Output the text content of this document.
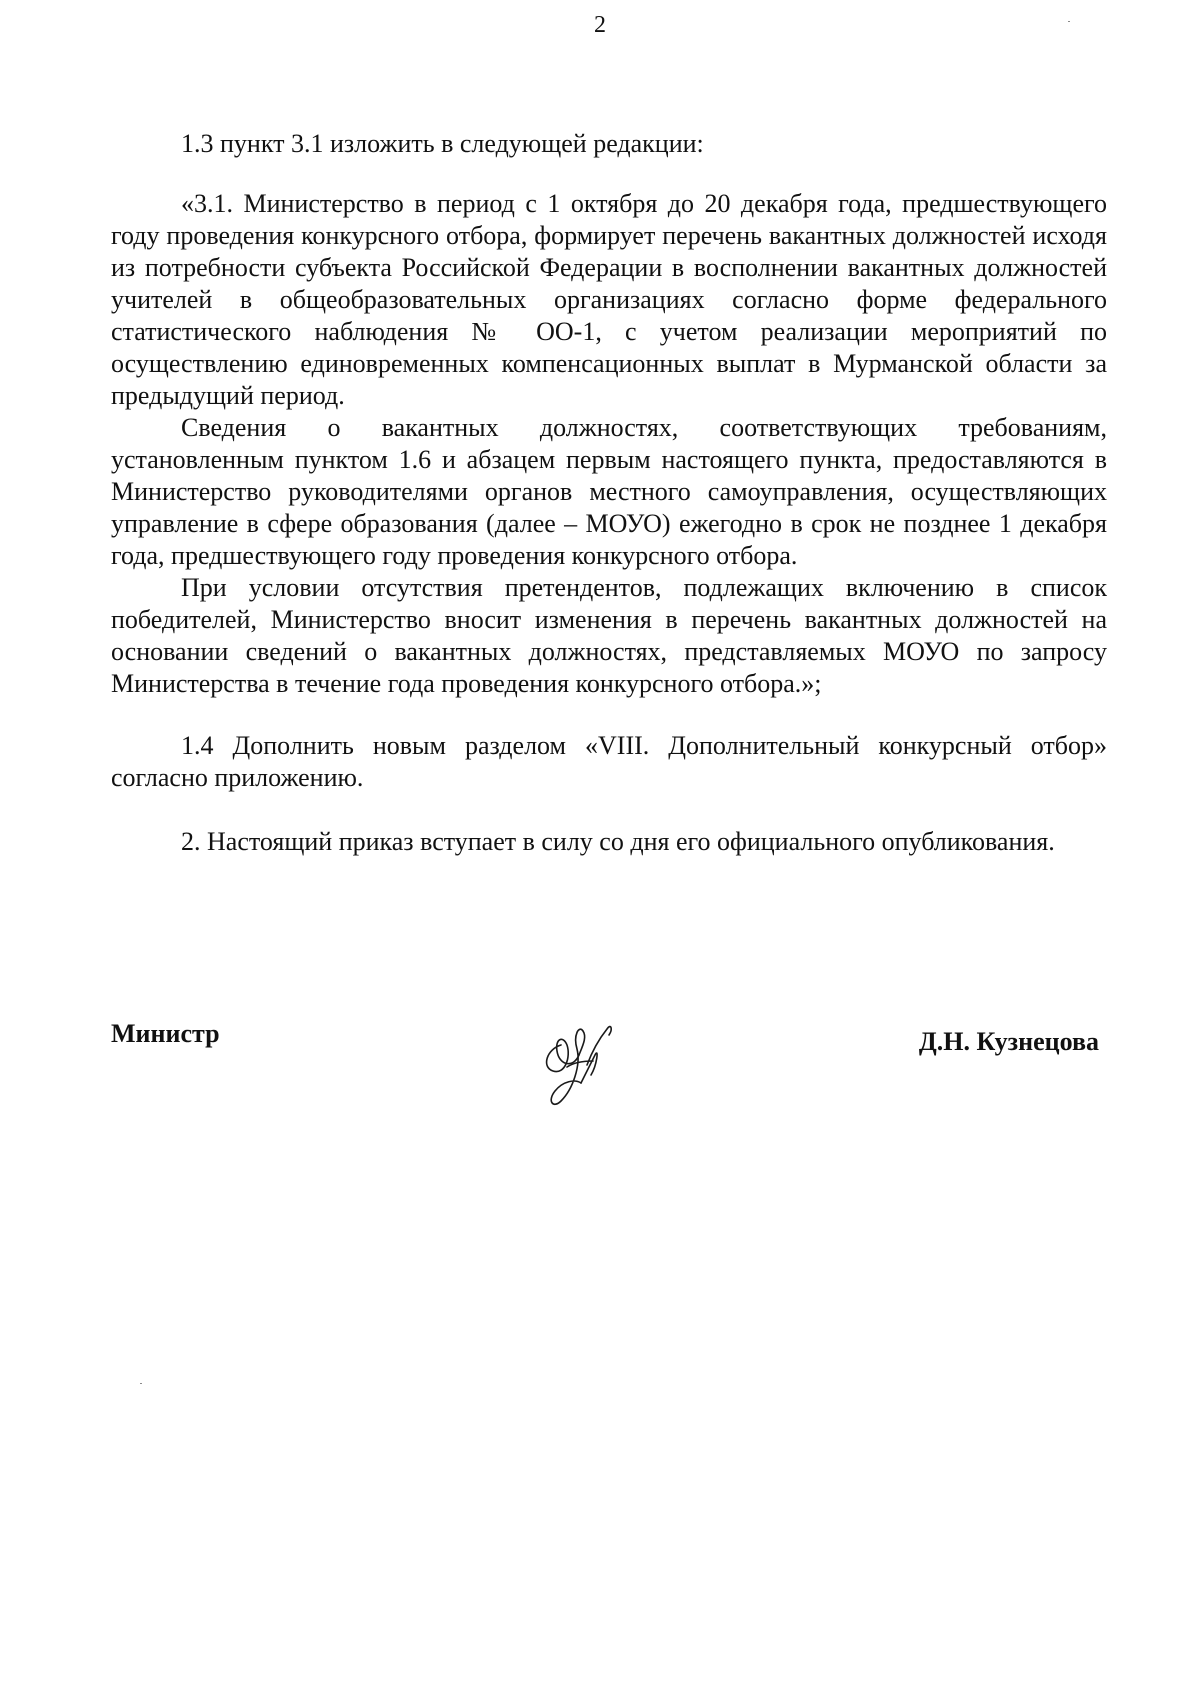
2

1.3 пункт 3.1 изложить в следующей редакции:

«3.1. Министерство в период с 1 октября до 20 декабря года, предшествующего году проведения конкурсного отбора, формирует перечень вакантных должностей исходя из потребности субъекта Российской Федерации в восполнении вакантных должностей учителей в общеобразовательных организациях согласно форме федерального статистического наблюдения № ОО-1, с учетом реализации мероприятий по осуществлению единовременных компенсационных выплат в Мурманской области за предыдущий период.

Сведения о вакантных должностях, соответствующих требованиям, установленным пунктом 1.6 и абзацем первым настоящего пункта, предоставляются в Министерство руководителями органов местного самоуправления, осуществляющих управление в сфере образования (далее – МОУО) ежегодно в срок не позднее 1 декабря года, предшествующего году проведения конкурсного отбора.

При условии отсутствия претендентов, подлежащих включению в список победителей, Министерство вносит изменения в перечень вакантных должностей на основании сведений о вакантных должностях, представляемых МОУО по запросу Министерства в течение года проведения конкурсного отбора.»;

1.4 Дополнить новым разделом «VIII. Дополнительный конкурсный отбор» согласно приложению.

2. Настоящий приказ вступает в силу со дня его официального опубликования.

Министр	Д.Н. Кузнецова
